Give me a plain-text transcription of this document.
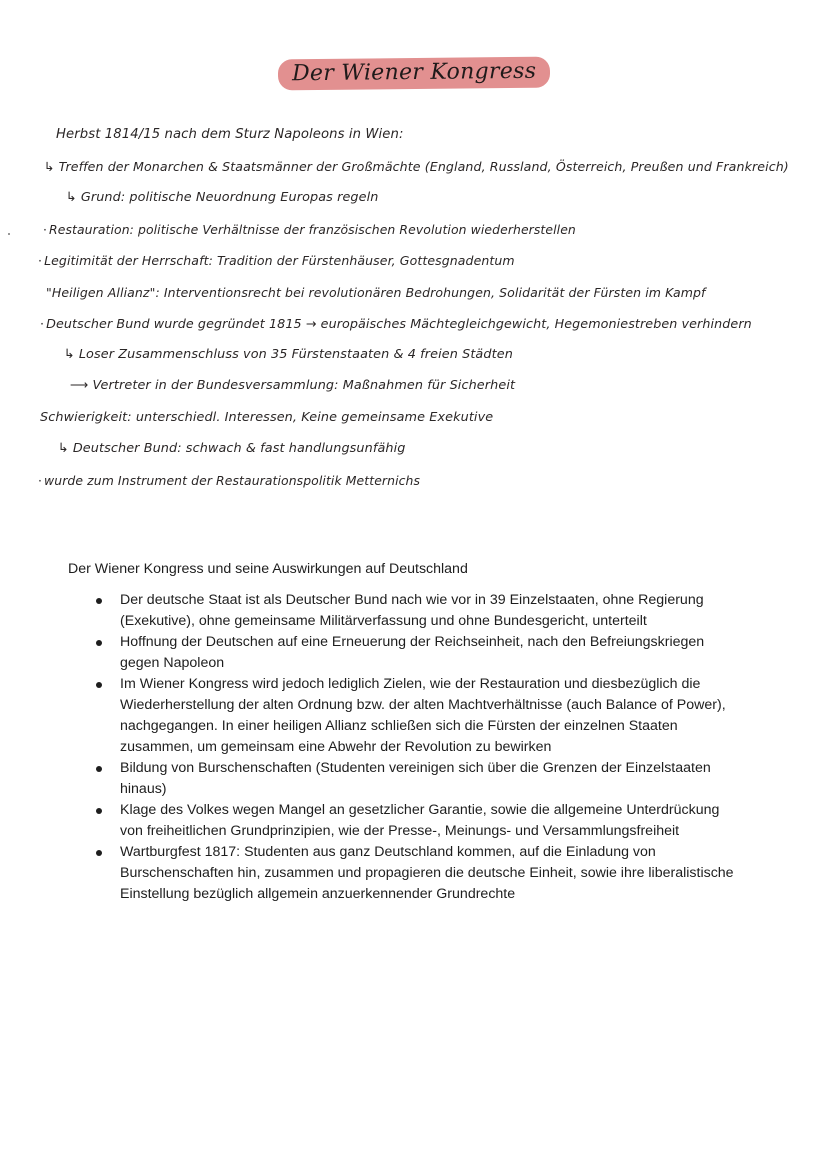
Der Wiener Kongress
Herbst 1814/15 nach dem Sturz Napoleons in Wien:
↳ Treffen der Monarchen & Staatsmänner der Großmächte (England, Russland, Österreich, Preußen und Frankreich)
↳ Grund: politische Neuordnung Europas regeln
· Restauration: politische Verhältnisse der französischen Revolution wiederherstellen
· Legitimität der Herrschaft: Tradition der Fürstenhäuser, Gottesgnadentum
"Heiligen Allianz": Interventionsrecht bei revolutionären Bedrohungen, Solidarität der Fürsten im Kampf
· Deutscher Bund wurde gegründet 1815 → europäisches Mächtegleichgewicht, Hegemoniestreben verhindern
↳ Loser Zusammenschluss von 35 Fürstenstaaten & 4 freien Städten
⟶ Vertreter in der Bundesversammlung: Maßnahmen für Sicherheit
Schwierigkeit: unterschiedl. Interessen, Keine gemeinsame Exekutive
↳ Deutscher Bund: schwach & fast handlungsunfähig
· wurde zum Instrument der Restaurationspolitik Metternichs
Der Wiener Kongress und seine Auswirkungen auf Deutschland
Der deutsche Staat ist als Deutscher Bund nach wie vor in 39 Einzelstaaten, ohne Regierung (Exekutive), ohne gemeinsame Militärverfassung und ohne Bundesgericht, unterteilt
Hoffnung der Deutschen auf eine Erneuerung der Reichseinheit, nach den Befreiungskriegen gegen Napoleon
Im Wiener Kongress wird jedoch lediglich Zielen, wie der Restauration und diesbezüglich die Wiederherstellung der alten Ordnung bzw. der alten Machtverhältnisse (auch Balance of Power), nachgegangen. In einer heiligen Allianz schließen sich die Fürsten der einzelnen Staaten zusammen, um gemeinsam eine Abwehr der Revolution zu bewirken
Bildung von Burschenschaften (Studenten vereinigen sich über die Grenzen der Einzelstaaten hinaus)
Klage des Volkes wegen Mangel an gesetzlicher Garantie, sowie die allgemeine Unterdrückung von freiheitlichen Grundprinzipien, wie der Presse-, Meinungs- und Versammlungsfreiheit
Wartburgfest 1817: Studenten aus ganz Deutschland kommen, auf die Einladung von Burschenschaften hin, zusammen und propagieren die deutsche Einheit, sowie ihre liberalistische Einstellung bezüglich allgemein anzuerkennender Grundrechte
